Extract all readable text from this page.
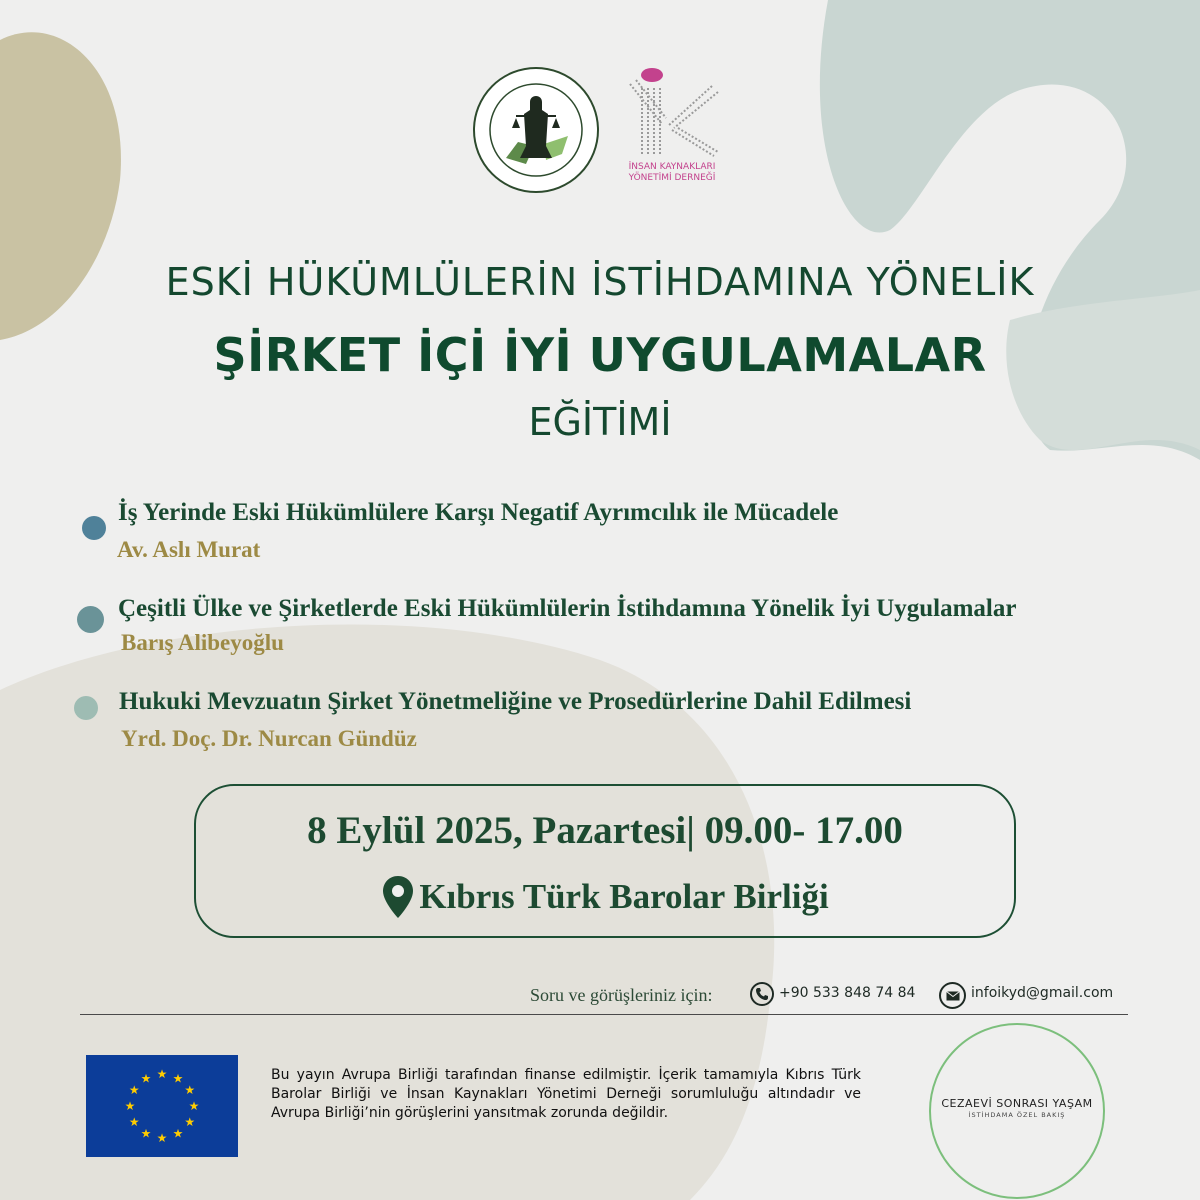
İNSAN KAYNAKLARI
YÖNETİMİ DERNEĞİ
ESKİ HÜKÜMLÜLERİN İSTİHDAMINA YÖNELİK
ŞİRKET İÇİ İYİ UYGULAMALAR
EĞİTİMİ
İş Yerinde Eski Hükümlülere Karşı Negatif Ayrımcılık ile Mücadele
Av. Aslı Murat
Çeşitli Ülke ve Şirketlerde Eski Hükümlülerin İstihdamına Yönelik İyi Uygulamalar
Barış Alibeyoğlu
Hukuki Mevzuatın Şirket Yönetmeliğine ve Prosedürlerine Dahil Edilmesi
Yrd. Doç. Dr. Nurcan Gündüz
8 Eylül 2025, Pazartesi| 09.00- 17.00
Kıbrıs Türk Barolar Birliği
Soru ve görüşleriniz için:	+90 533 848 74 84	infoikyd@gmail.com
★ ★
★
★
★
★
★
★
★
★
★
★	Bu yayın Avrupa Birliği tarafından finanse edilmiştir. İçerik tamamıyla Kıbrıs Türk Barolar Birliği ve İnsan Kaynakları Yönetimi Derneği sorumluluğu altındadır ve Avrupa Birliği’nin görüşlerini yansıtmak zorunda değildir.
CEZAEVİ SONRASI YAŞAM
İSTİHDAMA ÖZEL BAKIŞ
